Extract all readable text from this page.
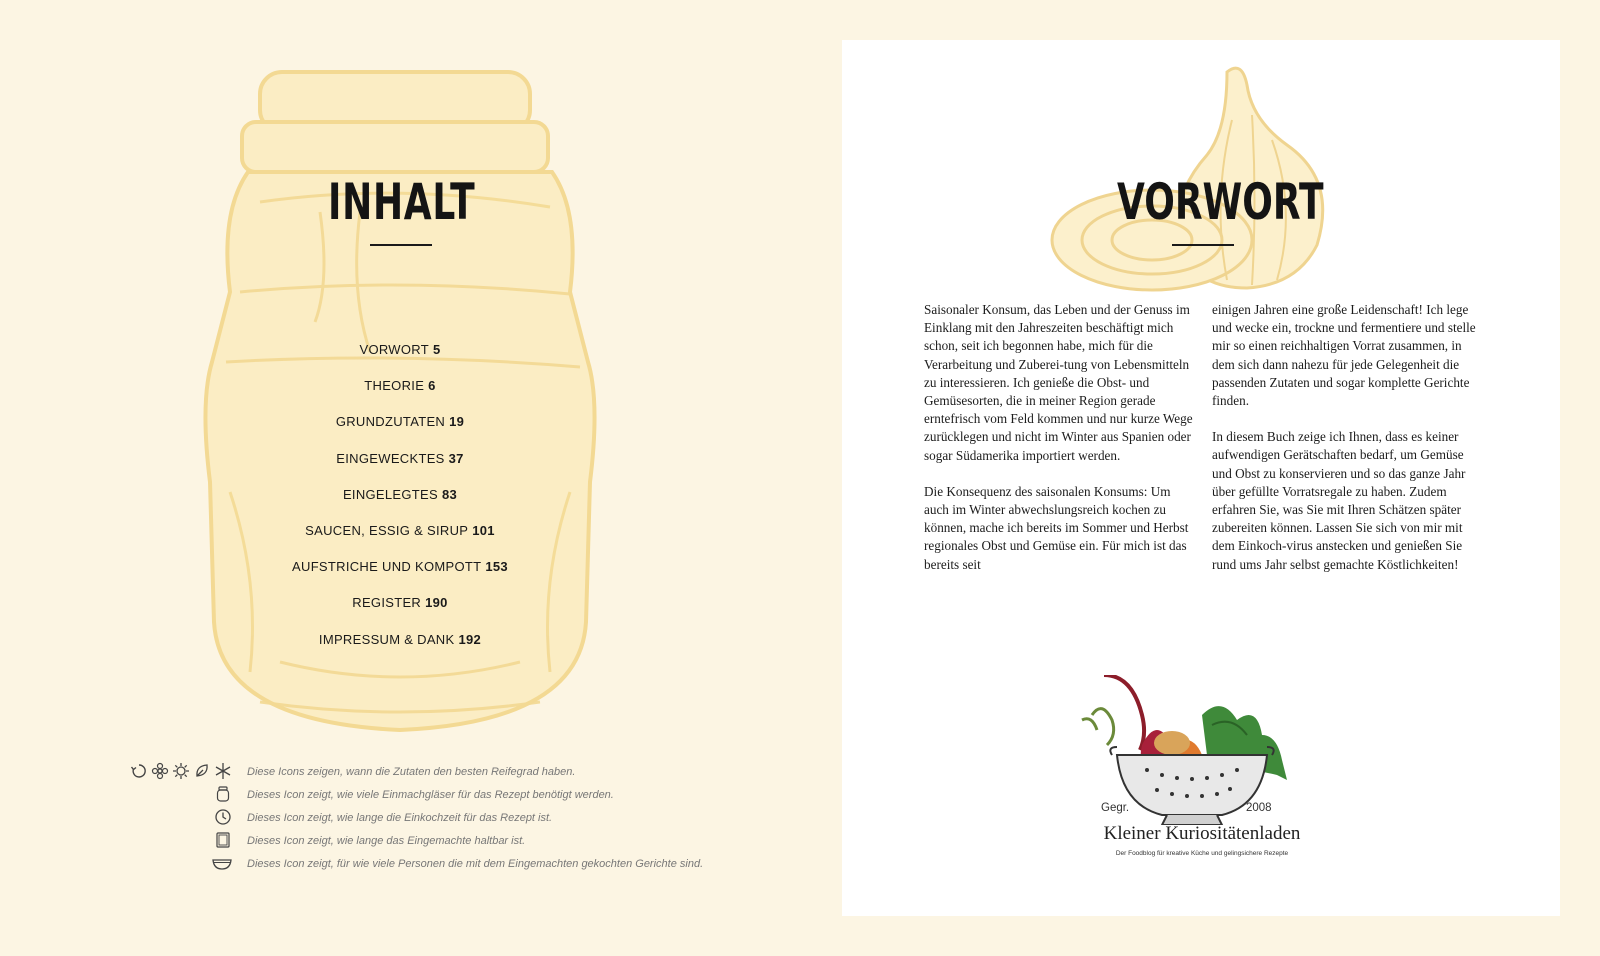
INHALT
VORWORT 5
THEORIE 6
GRUNDZUTATEN 19
EINGEWECKTES 37
EINGELEGTES 83
SAUCEN, ESSIG & SIRUP 101
AUFSTRICHE UND KOMPOTT 153
REGISTER 190
IMPRESSUM & DANK 192
Diese Icons zeigen, wann die Zutaten den besten Reifegrad haben.
Dieses Icon zeigt, wie viele Einmachgläser für das Rezept benötigt werden.
Dieses Icon zeigt, wie lange die Einkochzeit für das Rezept ist.
Dieses Icon zeigt, wie lange das Eingemachte haltbar ist.
Dieses Icon zeigt, für wie viele Personen die mit dem Eingemachten gekochten Gerichte sind.
VORWORT

Saisonaler Konsum, das Leben und der Genuss im Einklang mit den Jahreszeiten beschäftigt mich schon, seit ich begonnen habe, mich für die Verarbeitung und Zuberei-tung von Lebensmitteln zu interessieren. Ich genieße die Obst- und Gemüsesorten, die in meiner Region gerade erntefrisch vom Feld kommen und nur kurze Wege zurücklegen und nicht im Winter aus Spanien oder sogar Südamerika importiert werden.

Die Konsequenz des saisonalen Konsums: Um auch im Winter abwechslungsreich kochen zu können, mache ich bereits im Sommer und Herbst regionales Obst und Gemüse ein. Für mich ist das bereits seit

einigen Jahren eine große Leidenschaft! Ich lege und wecke ein, trockne und fermentiere und stelle mir so einen reichhaltigen Vorrat zusammen, in dem sich dann nahezu für jede Gelegenheit die passenden Zutaten und sogar komplette Gerichte finden.

In diesem Buch zeige ich Ihnen, dass es keiner aufwendigen Gerätschaften bedarf, um Gemüse und Obst zu konservieren und so das ganze Jahr über gefüllte Vorratsregale zu haben. Zudem erfahren Sie, was Sie mit Ihren Schätzen später zubereiten können. Lassen Sie sich von mir mit dem Einkoch-virus anstecken und genießen Sie rund ums Jahr selbst gemachte Köstlichkeiten!

Gegr.	2008
Kleiner Kuriositätenladen
Der Foodblog für kreative Küche und gelingsichere Rezepte
